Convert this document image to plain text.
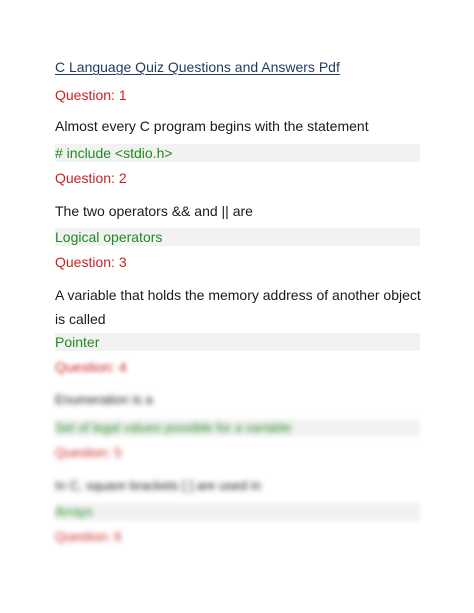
C Language Quiz Questions and Answers Pdf
Question: 1
Almost every C program begins with the statement
# include <stdio.h>
Question: 2
The two operators && and || are
Logical operators
Question: 3
A variable that holds the memory address of another object is called
Pointer
Question: 4
Enumeration is a
Set of legal values possible for a variable
Question: 5
In C, square brackets [ ] are used in
Arrays
Question: 6
